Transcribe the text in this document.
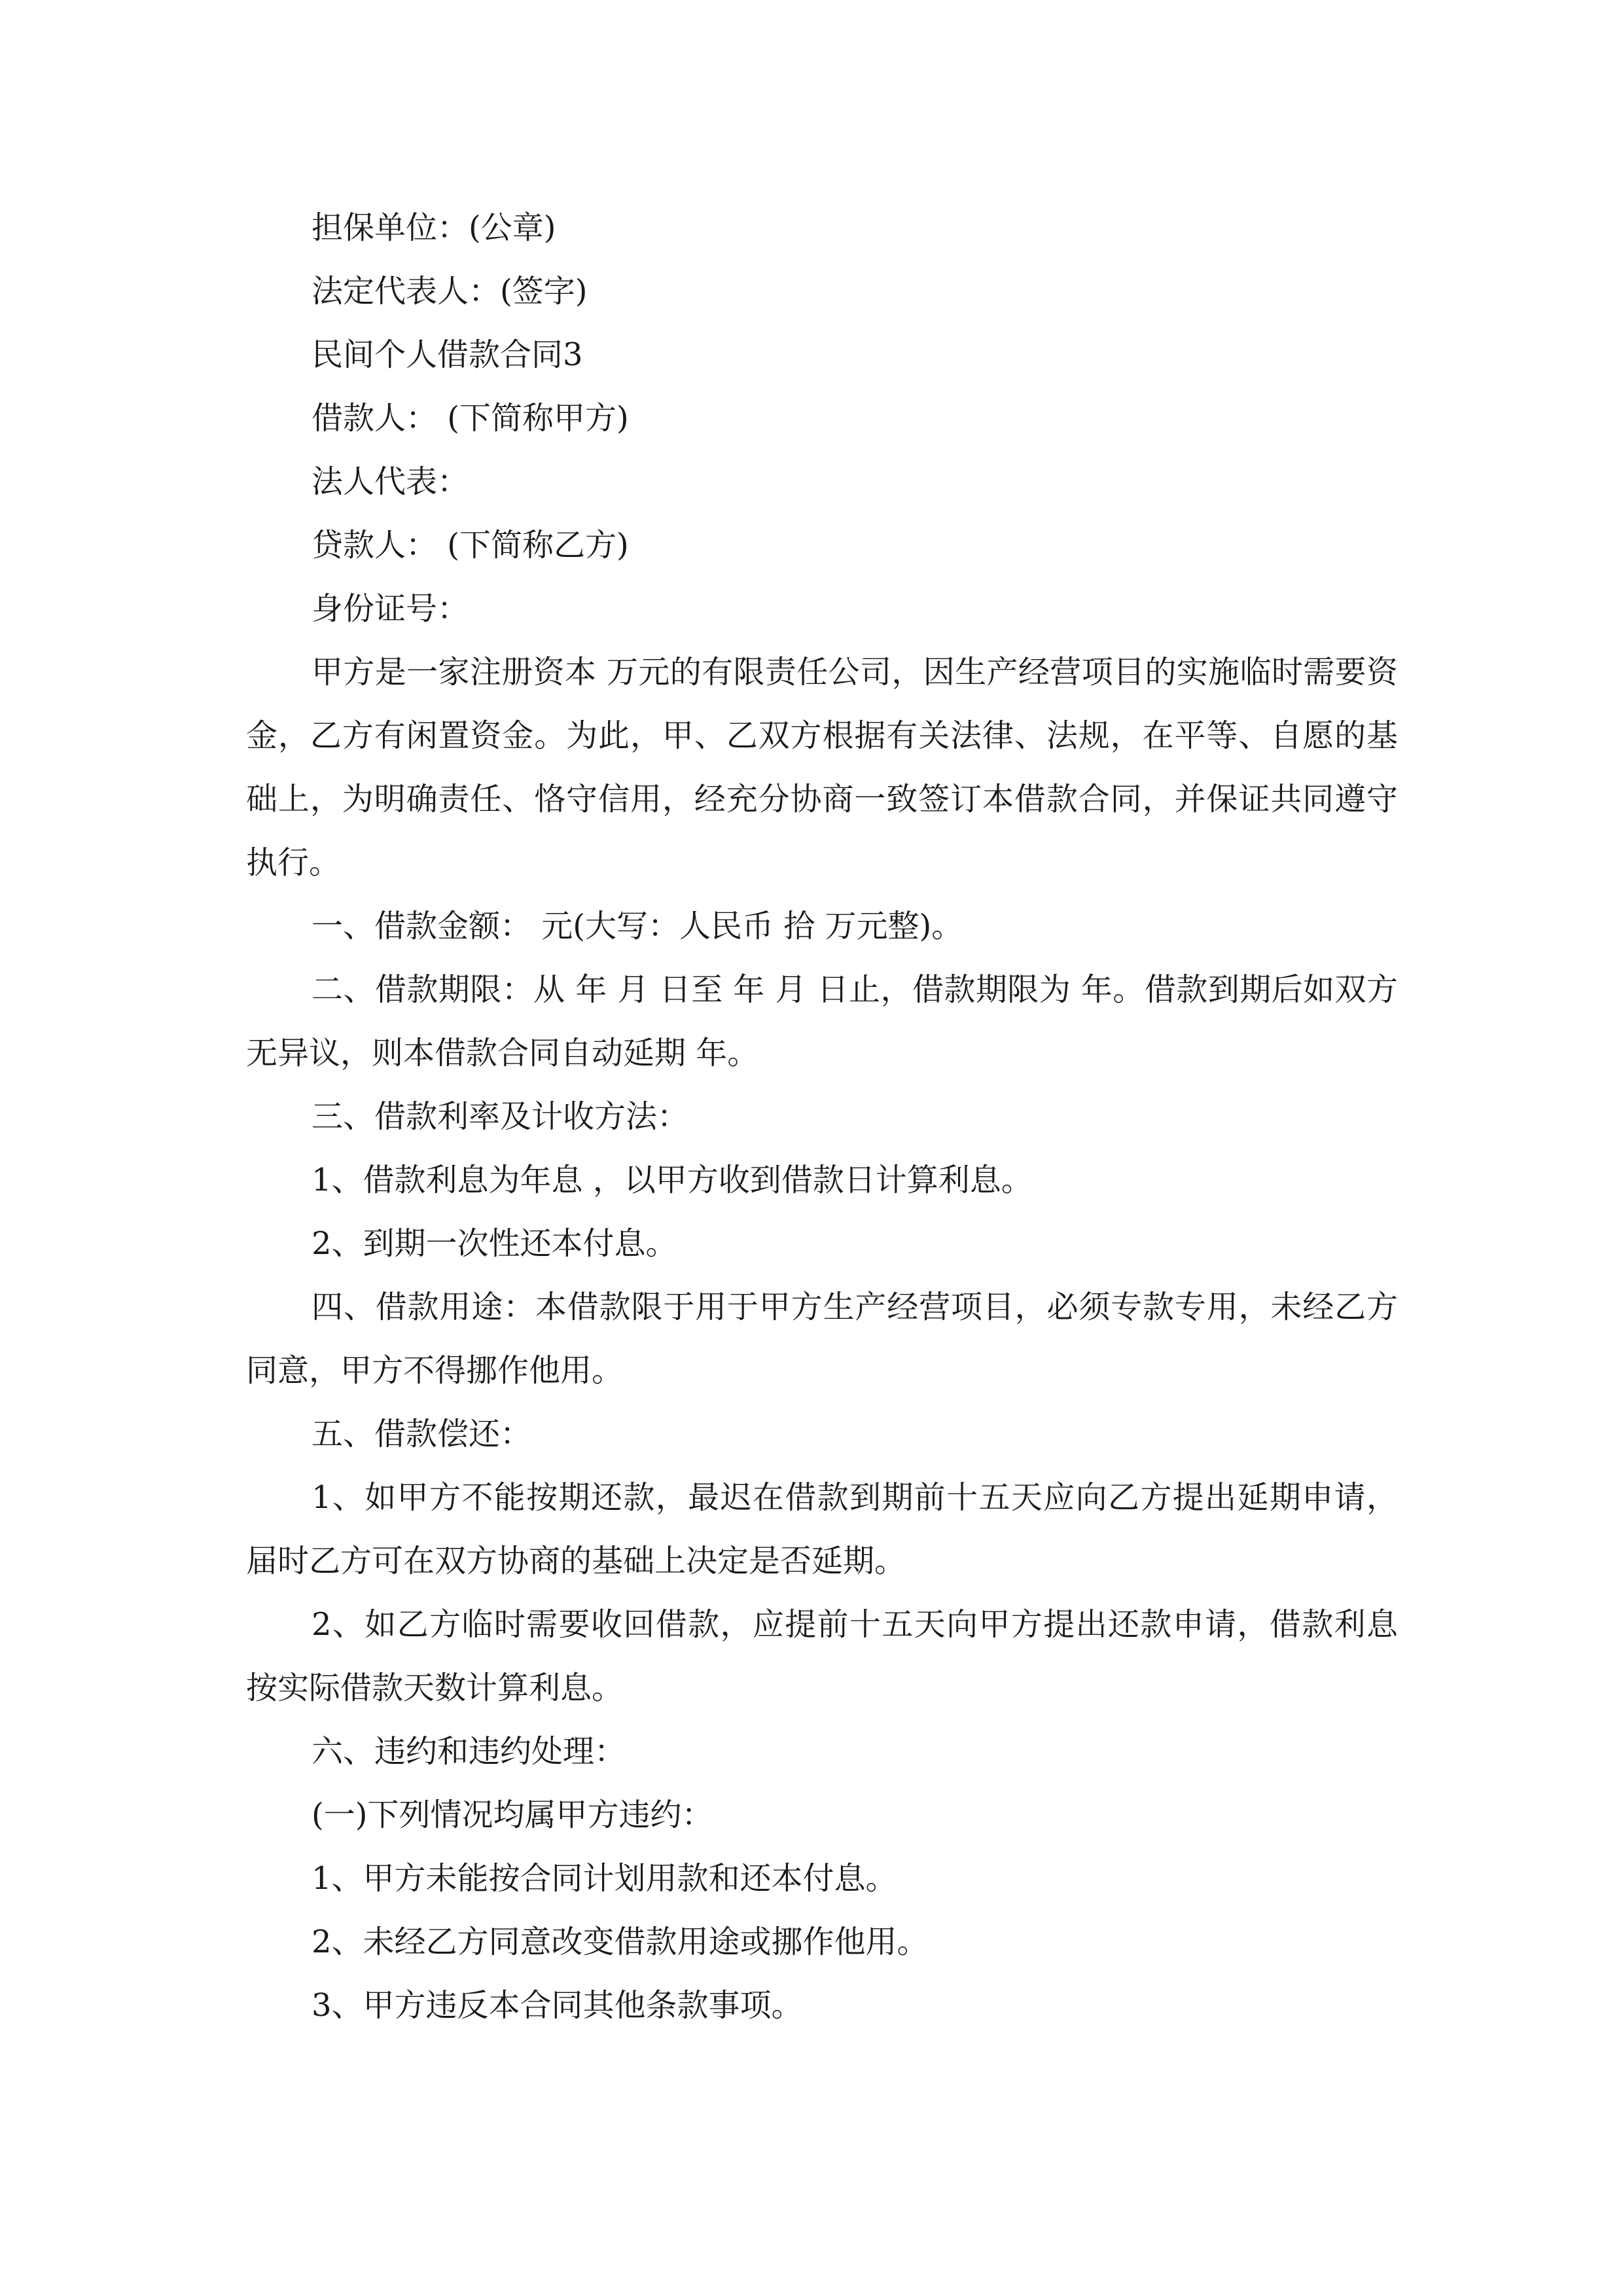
担保单位：(公章)

法定代表人：(签字)

民间个人借款合同3

借款人： (下简称甲方)

法人代表：

贷款人： (下简称乙方)

身份证号：

甲方是一家注册资本 万元的有限责任公司，因生产经营项目的实施临时需要资金，乙方有闲置资金。为此，甲、乙双方根据有关法律、法规，在平等、自愿的基础上，为明确责任、恪守信用，经充分协商一致签订本借款合同，并保证共同遵守执行。

一、借款金额： 元(大写：人民币 拾 万元整)。

二、借款期限：从 年 月 日至 年 月 日止，借款期限为 年。借款到期后如双方无异议，则本借款合同自动延期 年。

三、借款利率及计收方法：

1、借款利息为年息 ，以甲方收到借款日计算利息。

2、到期一次性还本付息。

四、借款用途：本借款限于用于甲方生产经营项目，必须专款专用，未经乙方同意，甲方不得挪作他用。

五、借款偿还：

1、如甲方不能按期还款，最迟在借款到期前十五天应向乙方提出延期申请，届时乙方可在双方协商的基础上决定是否延期。

2、如乙方临时需要收回借款，应提前十五天向甲方提出还款申请，借款利息按实际借款天数计算利息。

六、违约和违约处理：

(一)下列情况均属甲方违约：

1、甲方未能按合同计划用款和还本付息。

2、未经乙方同意改变借款用途或挪作他用。

3、甲方违反本合同其他条款事项。
